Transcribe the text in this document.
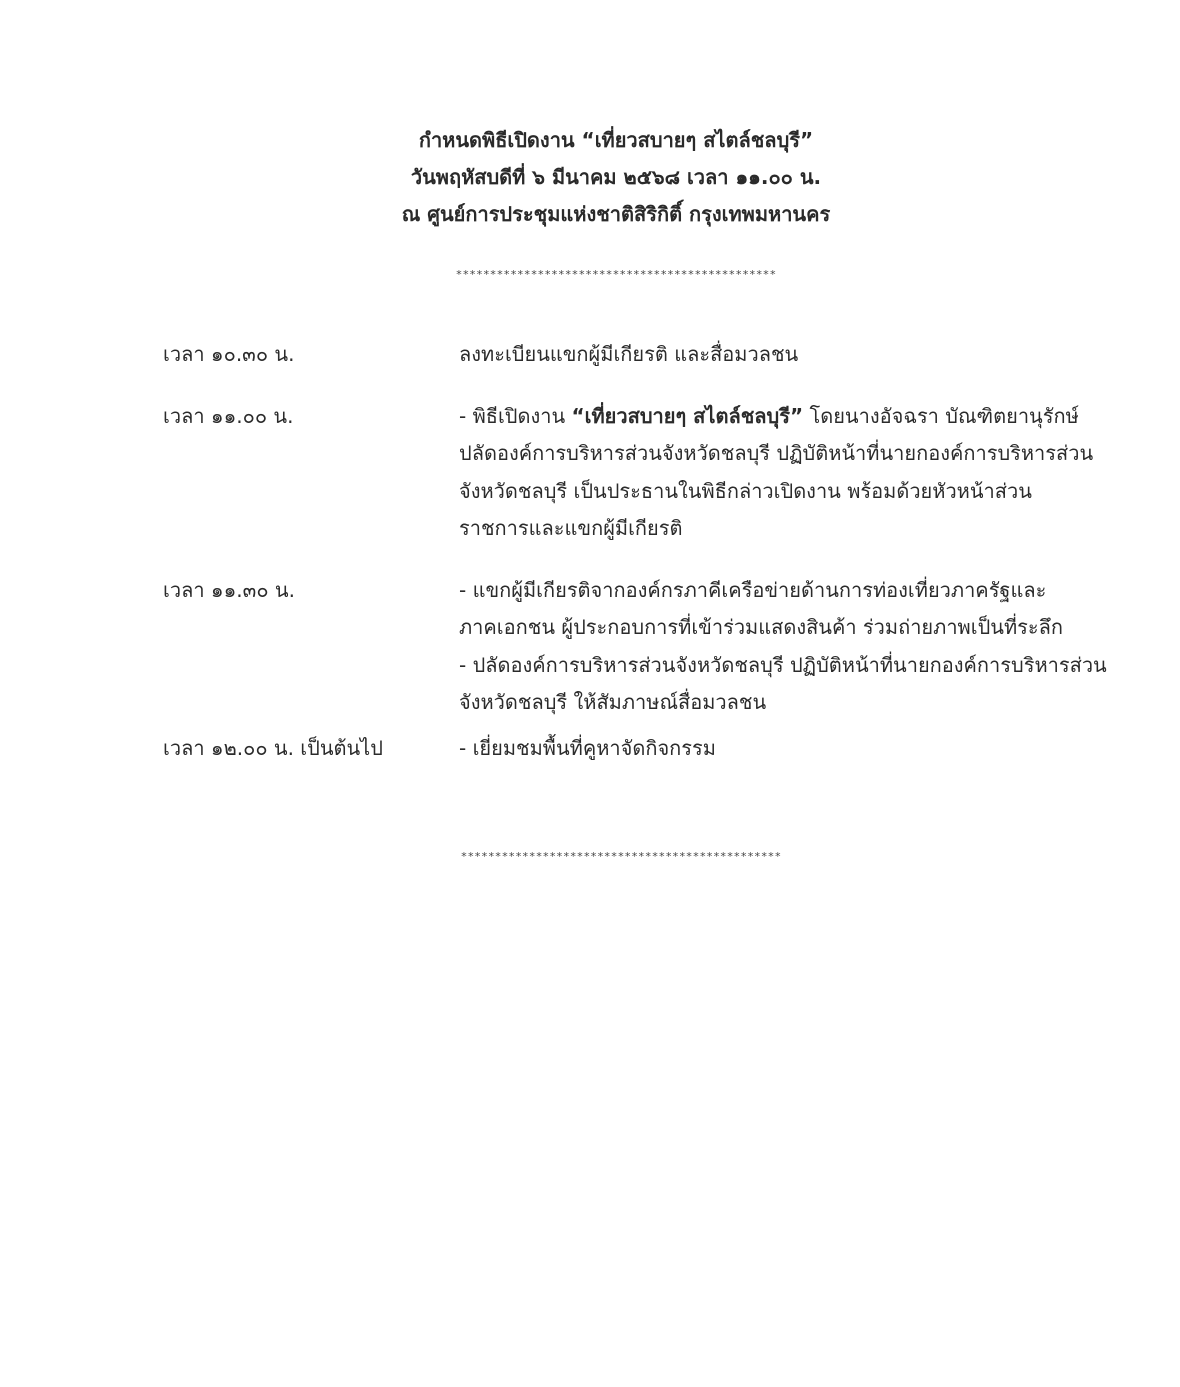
กำหนดพิธีเปิดงาน “เที่ยวสบายๆ สไตล์ชลบุรี”
วันพฤหัสบดีที่ ๖ มีนาคม ๒๕๖๘ เวลา ๑๑.๐๐ น.
ณ ศูนย์การประชุมแห่งชาติสิริกิติ์ กรุงเทพมหานคร
***********************************************
เวลา ๑๐.๓๐ น.	ลงทะเบียนแขกผู้มีเกียรติ และสื่อมวลชน
เวลา ๑๑.๐๐ น.	- พิธีเปิดงาน “เที่ยวสบายๆ สไตล์ชลบุรี” โดยนางอัจฉรา บัณฑิตยานุรักษ์
ปลัดองค์การบริหารส่วนจังหวัดชลบุรี ปฏิบัติหน้าที่นายกองค์การบริหารส่วน
จังหวัดชลบุรี เป็นประธานในพิธีกล่าวเปิดงาน พร้อมด้วยหัวหน้าส่วน
ราชการและแขกผู้มีเกียรติ
เวลา ๑๑.๓๐ น.	- แขกผู้มีเกียรติจากองค์กรภาคีเครือข่ายด้านการท่องเที่ยวภาครัฐและ
ภาคเอกชน ผู้ประกอบการที่เข้าร่วมแสดงสินค้า ร่วมถ่ายภาพเป็นที่ระลึก
- ปลัดองค์การบริหารส่วนจังหวัดชลบุรี ปฏิบัติหน้าที่นายกองค์การบริหารส่วน
จังหวัดชลบุรี ให้สัมภาษณ์สื่อมวลชน
เวลา ๑๒.๐๐ น. เป็นต้นไป	- เยี่ยมชมพื้นที่คูหาจัดกิจกรรม
***********************************************
